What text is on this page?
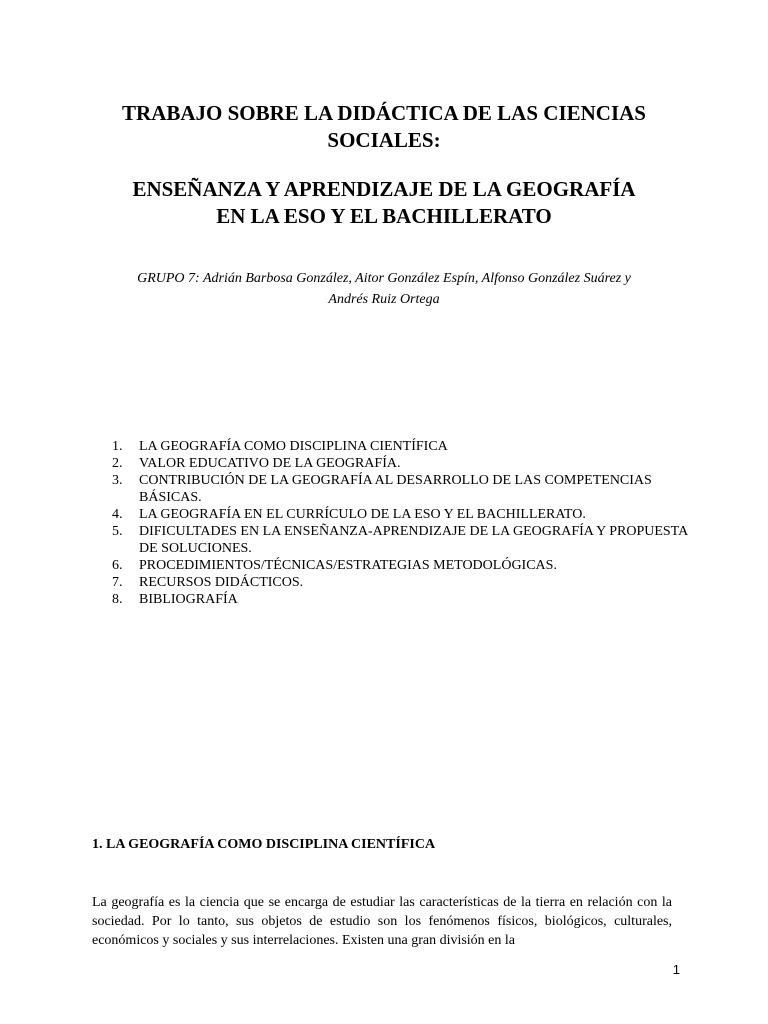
TRABAJO SOBRE LA DIDÁCTICA DE LAS CIENCIAS
SOCIALES:
ENSEÑANZA Y APRENDIZAJE DE LA GEOGRAFÍA
EN LA ESO Y EL BACHILLERATO
GRUPO 7: Adrián Barbosa González, Aitor González Espín, Alfonso González Suárez y
Andrés Ruiz Ortega
1.	LA GEOGRAFÍA COMO DISCIPLINA CIENTÍFICA
2.	VALOR EDUCATIVO DE LA GEOGRAFÍA.
3.	CONTRIBUCIÓN DE LA GEOGRAFÍA AL DESARROLLO DE LAS COMPETENCIAS BÁSICAS.
4.	LA GEOGRAFÍA EN EL CURRÍCULO DE LA ESO Y EL BACHILLERATO.
5.	DIFICULTADES EN LA ENSEÑANZA-APRENDIZAJE DE LA GEOGRAFÍA Y PROPUESTA DE SOLUCIONES.
6.	PROCEDIMIENTOS/TÉCNICAS/ESTRATEGIAS METODOLÓGICAS.
7.	RECURSOS DIDÁCTICOS.
8.	BIBLIOGRAFÍA
1. LA GEOGRAFÍA COMO DISCIPLINA CIENTÍFICA

La geografía es la ciencia que se encarga de estudiar las características de la tierra en relación con la sociedad. Por lo tanto, sus objetos de estudio son los fenómenos físicos, biológicos, culturales, económicos y sociales y sus interrelaciones. Existen una gran división en la

1
